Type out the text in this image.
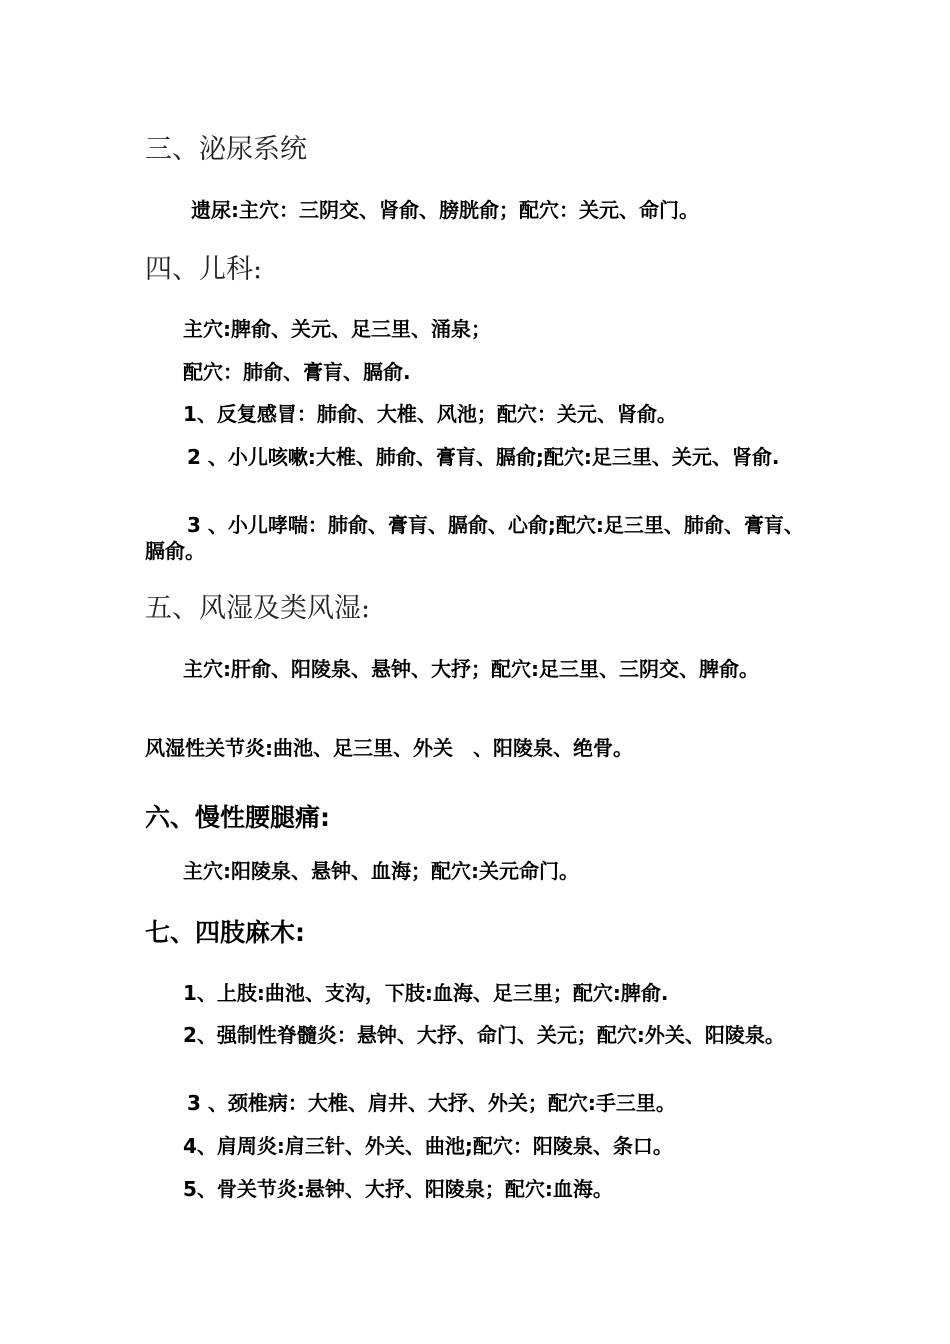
三、泌尿系统
遗尿:主穴：三阴交、肾俞、膀胱俞；配穴：关元、命门。
四、儿科:
主穴:脾俞、关元、足三里、涌泉；
配穴：肺俞、膏肓、膈俞.
1、反复感冒：肺俞、大椎、风池；配穴：关元、肾俞。
2 、小儿咳嗽:大椎、肺俞、膏肓、膈俞;配穴:足三里、关元、肾俞.
3 、小儿哮喘：肺俞、膏肓、膈俞、心俞;配穴:足三里、肺俞、膏肓、膈俞。
五、风湿及类风湿:
主穴:肝俞、阳陵泉、悬钟、大抒；配穴:足三里、三阴交、脾俞。
风湿性关节炎:曲池、足三里、外关　、阳陵泉、绝骨。
六、慢性腰腿痛:
主穴:阳陵泉、悬钟、血海；配穴:关元命门。
七、四肢麻木:
1、上肢:曲池、支沟，下肢:血海、足三里；配穴:脾俞.
2、强制性脊髓炎：悬钟、大抒、命门、关元；配穴:外关、阳陵泉。
3 、颈椎病：大椎、肩井、大抒、外关；配穴:手三里。
4、肩周炎:肩三针、外关、曲池;配穴：阳陵泉、条口。
5、骨关节炎:悬钟、大抒、阳陵泉；配穴:血海。
